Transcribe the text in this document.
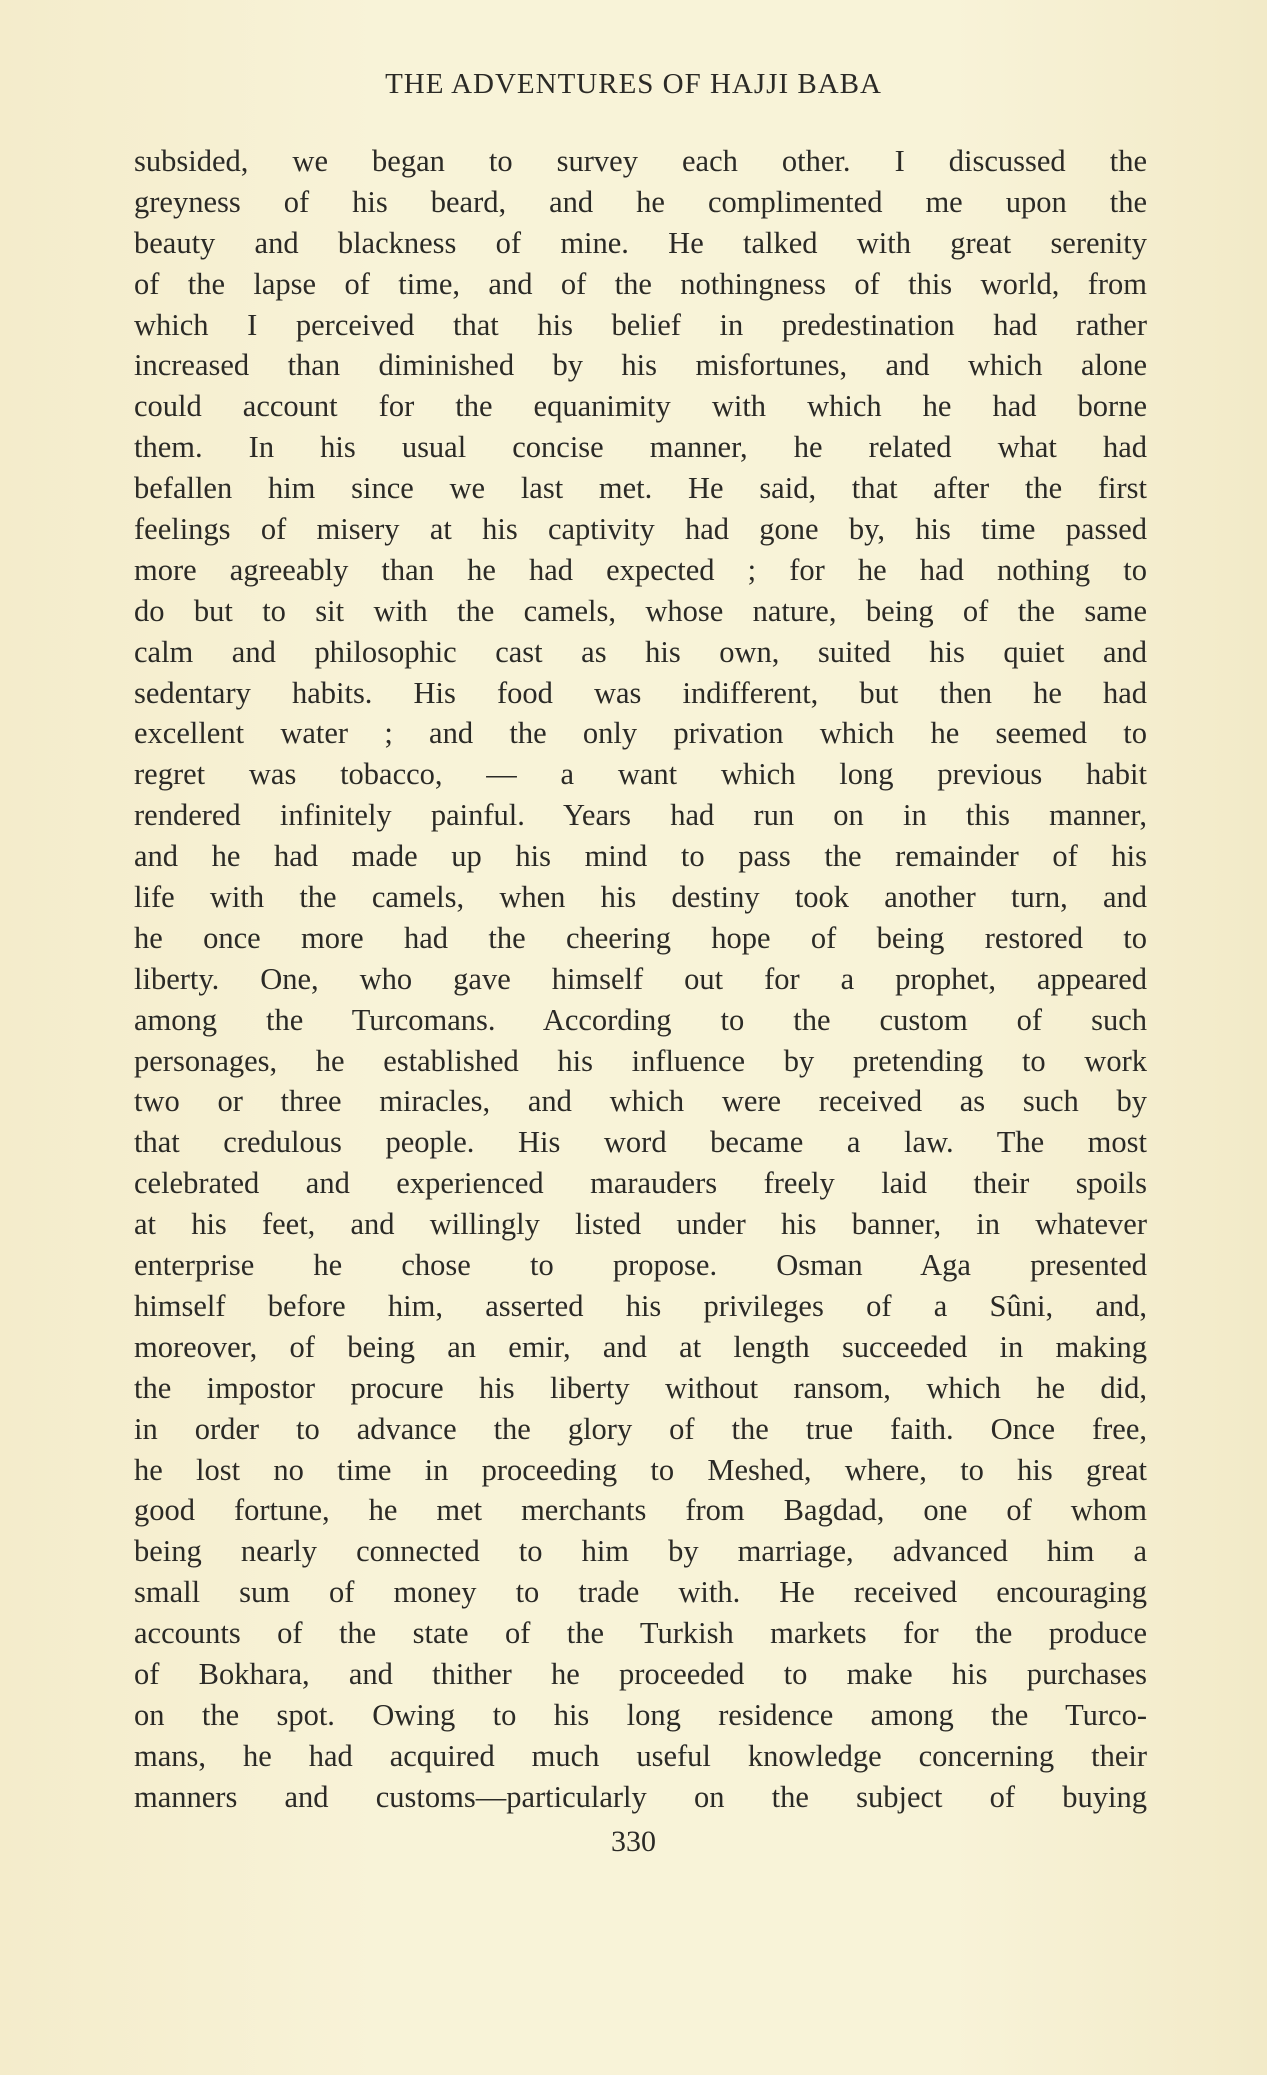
THE ADVENTURES OF HAJJI BABA
subsided, we began to survey each other. I discussed the
greyness of his beard, and he complimented me upon the
beauty and blackness of mine. He talked with great serenity
of the lapse of time, and of the nothingness of this world, from
which I perceived that his belief in predestination had rather
increased than diminished by his misfortunes, and which alone
could account for the equanimity with which he had borne
them. In his usual concise manner, he related what had
befallen him since we last met. He said, that after the first
feelings of misery at his captivity had gone by, his time passed
more agreeably than he had expected ; for he had nothing to
do but to sit with the camels, whose nature, being of the same
calm and philosophic cast as his own, suited his quiet and
sedentary habits. His food was indifferent, but then he had
excellent water ; and the only privation which he seemed to
regret was tobacco, — a want which long previous habit
rendered infinitely painful. Years had run on in this manner,
and he had made up his mind to pass the remainder of his
life with the camels, when his destiny took another turn, and
he once more had the cheering hope of being restored to
liberty. One, who gave himself out for a prophet, appeared
among the Turcomans. According to the custom of such
personages, he established his influence by pretending to work
two or three miracles, and which were received as such by
that credulous people. His word became a law. The most
celebrated and experienced marauders freely laid their spoils
at his feet, and willingly listed under his banner, in whatever
enterprise he chose to propose. Osman Aga presented
himself before him, asserted his privileges of a Sûni, and,
moreover, of being an emir, and at length succeeded in making
the impostor procure his liberty without ransom, which he did,
in order to advance the glory of the true faith. Once free,
he lost no time in proceeding to Meshed, where, to his great
good fortune, he met merchants from Bagdad, one of whom
being nearly connected to him by marriage, advanced him a
small sum of money to trade with. He received encouraging
accounts of the state of the Turkish markets for the produce
of Bokhara, and thither he proceeded to make his purchases
on the spot. Owing to his long residence among the Turco-
mans, he had acquired much useful knowledge concerning their
manners and customs—particularly on the subject of buying
330
